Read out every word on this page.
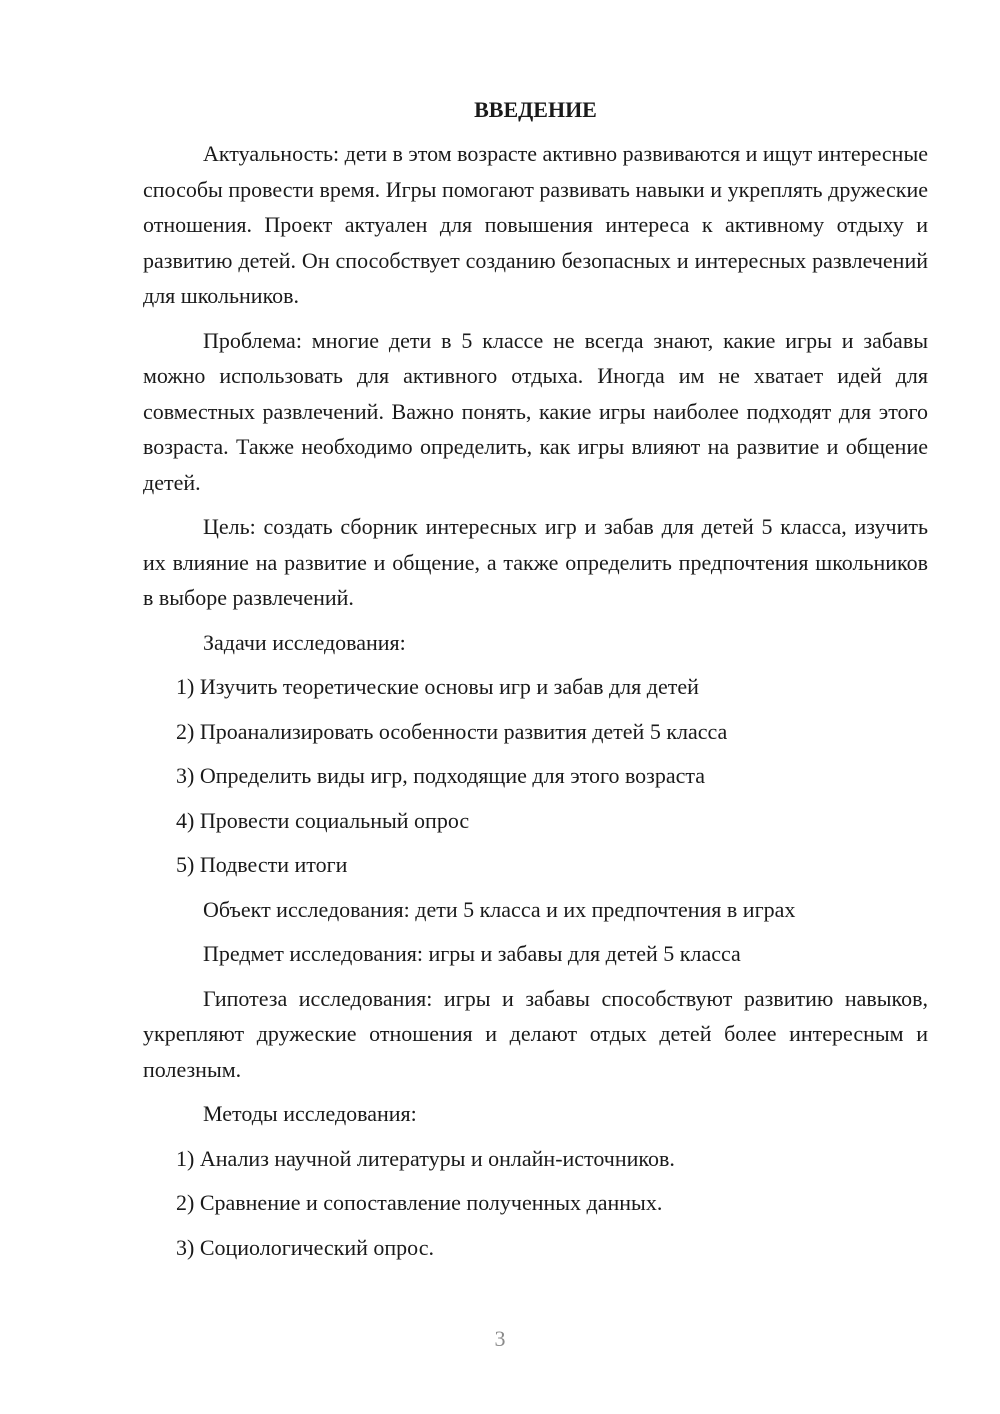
ВВЕДЕНИЕ

Актуальность: дети в этом возрасте активно развиваются и ищут интересные способы провести время. Игры помогают развивать навыки и укреплять дружеские отношения. Проект актуален для повышения интереса к активному отдыху и развитию детей. Он способствует созданию безопасных и интересных развлечений для школьников.

Проблема: многие дети в 5 классе не всегда знают, какие игры и забавы можно использовать для активного отдыха. Иногда им не хватает идей для совместных развлечений. Важно понять, какие игры наиболее подходят для этого возраста. Также необходимо определить, как игры влияют на развитие и общение детей.

Цель: создать сборник интересных игр и забав для детей 5 класса, изучить их влияние на развитие и общение, а также определить предпочтения школьников в выборе развлечений.

Задачи исследования:

1) Изучить теоретические основы игр и забав для детей

2) Проанализировать особенности развития детей 5 класса

3) Определить виды игр, подходящие для этого возраста

4) Провести социальный опрос

5) Подвести итоги

Объект исследования: дети 5 класса и их предпочтения в играх

Предмет исследования: игры и забавы для детей 5 класса

Гипотеза исследования: игры и забавы способствуют развитию навыков, укрепляют дружеские отношения и делают отдых детей более интересным и полезным.

Методы исследования:

1) Анализ научной литературы и онлайн-источников.

2) Сравнение и сопоставление полученных данных.

3) Социологический опрос.

3
